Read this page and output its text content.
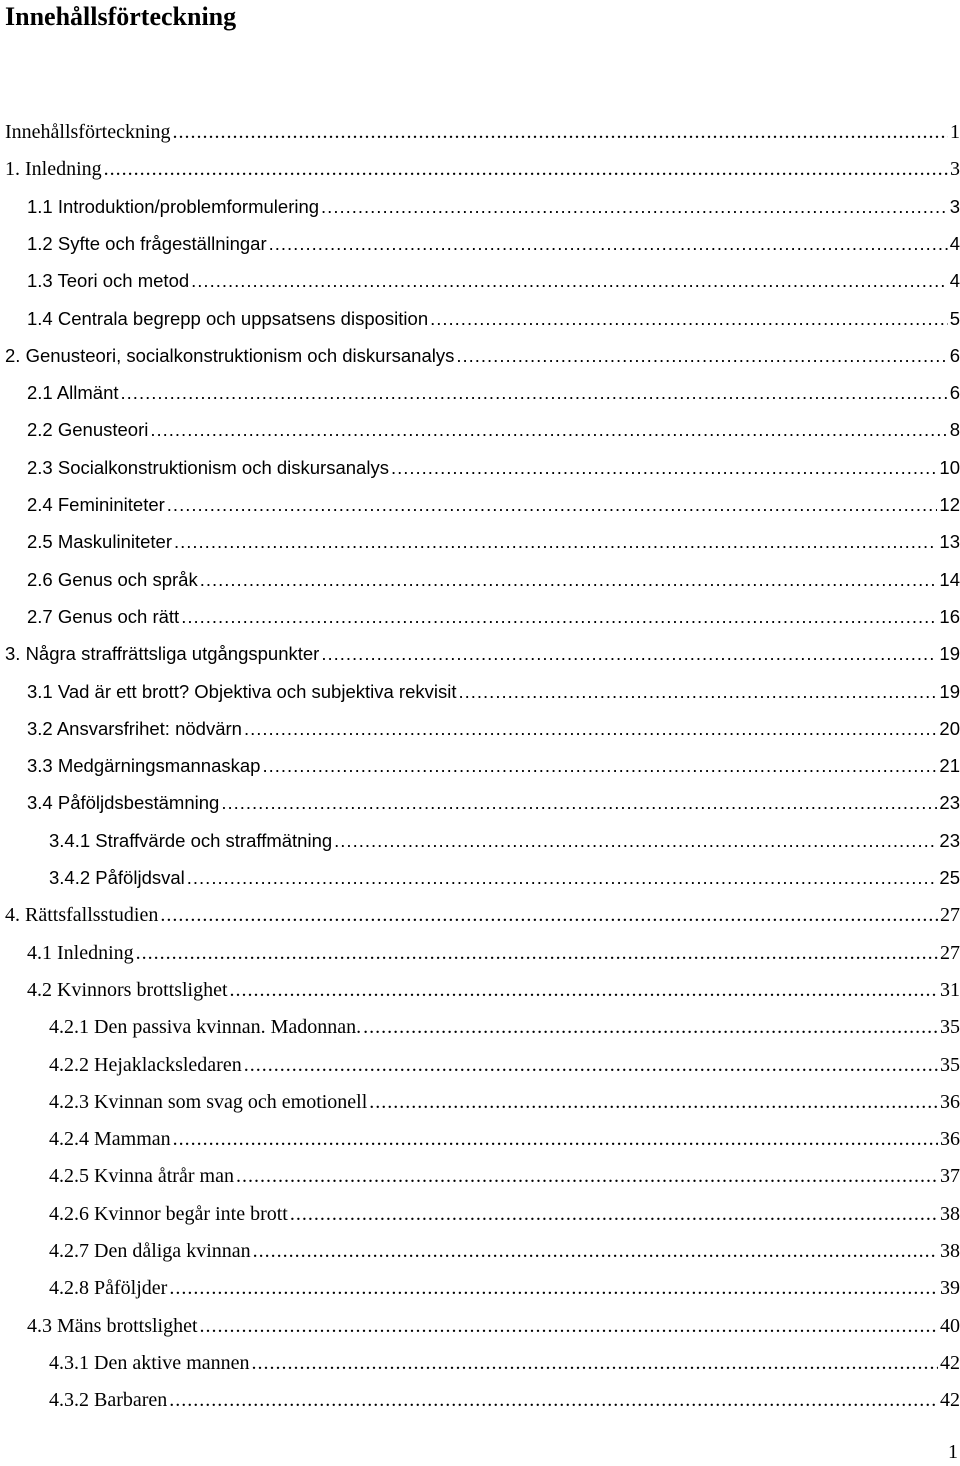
Innehållsförteckning
Innehållsförteckning .....	1
1. Inledning .....	3
1.1 Introduktion/problemformulering .....	3
1.2 Syfte och frågeställningar .....	4
1.3 Teori och metod .....	4
1.4 Centrala begrepp och uppsatsens disposition .....	5
2. Genusteori, socialkonstruktionism och diskursanalys .....	6
2.1 Allmänt .....	6
2.2 Genusteori .....	8
2.3 Socialkonstruktionism och diskursanalys .....	10
2.4 Femininiteter .....	12
2.5 Maskuliniteter .....	13
2.6 Genus och språk .....	14
2.7 Genus och rätt .....	16
3. Några straffrättsliga utgångspunkter .....	19
3.1 Vad är ett brott? Objektiva och subjektiva rekvisit .....	19
3.2 Ansvarsfrihet: nödvärn .....	20
3.3 Medgärningsmannaskap .....	21
3.4 Påföljdsbestämning .....	23
3.4.1 Straffvärde och straffmätning .....	23
3.4.2 Påföljdsval .....	25
4. Rättsfallsstudien .....	27
4.1 Inledning .....	27
4.2 Kvinnors brottslighet .....	31
4.2.1 Den passiva kvinnan. Madonnan. .....	35
4.2.2 Hejaklacksledaren .....	35
4.2.3 Kvinnan som svag och emotionell .....	36
4.2.4 Mamman .....	36
4.2.5 Kvinna åtrår man .....	37
4.2.6 Kvinnor begår inte brott .....	38
4.2.7 Den dåliga kvinnan .....	38
4.2.8 Påföljder .....	39
4.3 Mäns brottslighet .....	40
4.3.1 Den aktive mannen .....	42
4.3.2 Barbaren .....	42
1
